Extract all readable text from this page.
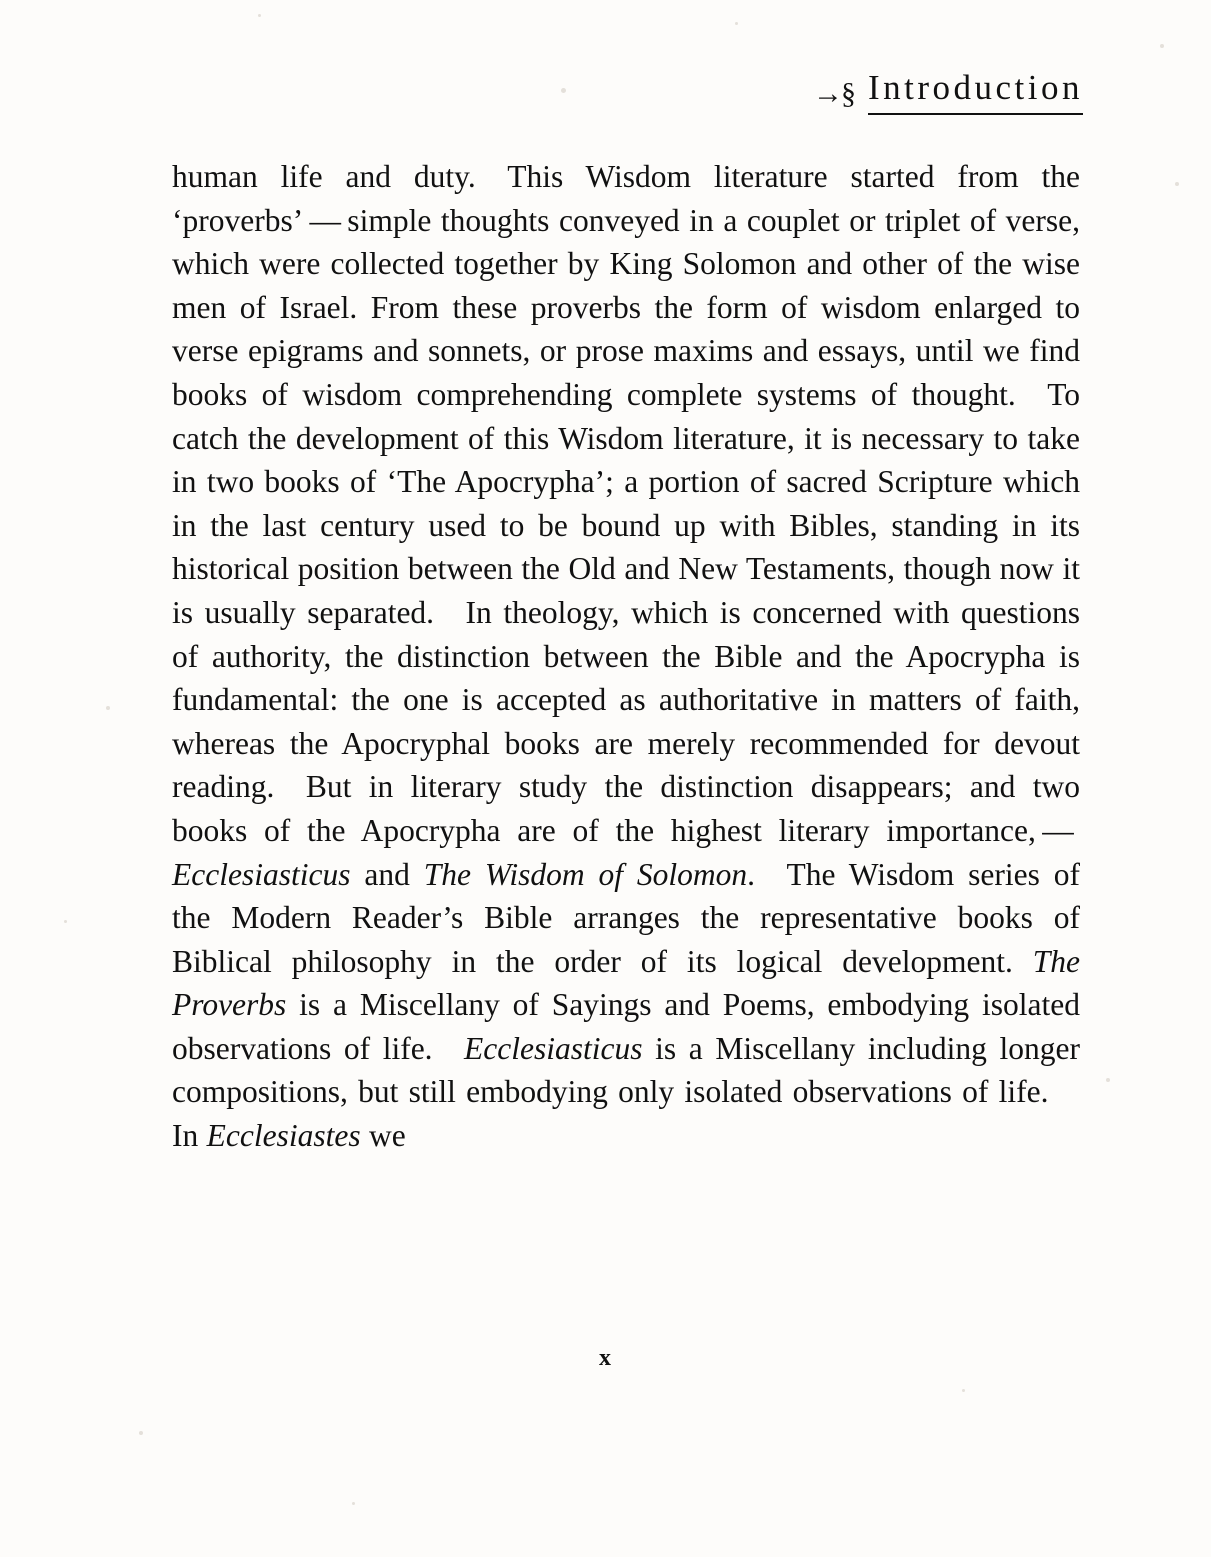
→§ Introduction
human life and duty. This Wisdom literature started from the ‘proverbs’ — simple thoughts conveyed in a couplet or triplet of verse, which were collected together by King Solomon and other of the wise men of Israel. From these proverbs the form of wisdom enlarged to verse epigrams and sonnets, or prose maxims and essays, until we find books of wisdom comprehending complete systems of thought. To catch the development of this Wisdom literature, it is necessary to take in two books of ‘The Apocrypha’; a portion of sacred Scripture which in the last century used to be bound up with Bibles, standing in its historical position between the Old and New Testaments, though now it is usually separated. In theology, which is concerned with questions of authority, the distinction between the Bible and the Apocrypha is fundamental: the one is accepted as authoritative in matters of faith, whereas the Apocryphal books are merely recommended for devout reading. But in literary study the distinction disappears; and two books of the Apocrypha are of the highest literary importance, — Ecclesiasticus and The Wisdom of Solomon. The Wisdom series of the Modern Reader’s Bible arranges the representative books of Biblical philosophy in the order of its logical development. The Proverbs is a Miscellany of Sayings and Poems, embodying isolated observations of life. Ecclesiasticus is a Miscellany including longer compositions, but still embodying only isolated observations of life. In Ecclesiastes we
x
